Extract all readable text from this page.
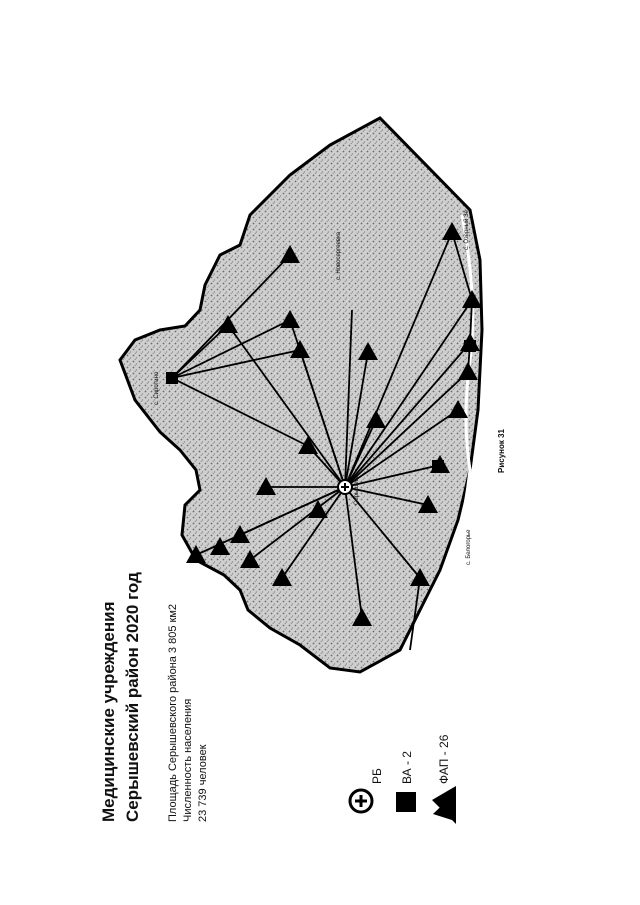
с. Сиротино
с. Озерный Зе
с. Новосергеевка
с. Белогорье
Серышево
Медицинские учреждения Серышевский район 2020 год Площадь Серышевского района 3 805 км2 Численность населения 23 739 человек	РБ ВА - 2 ФАП - 26
Рисунок 31
